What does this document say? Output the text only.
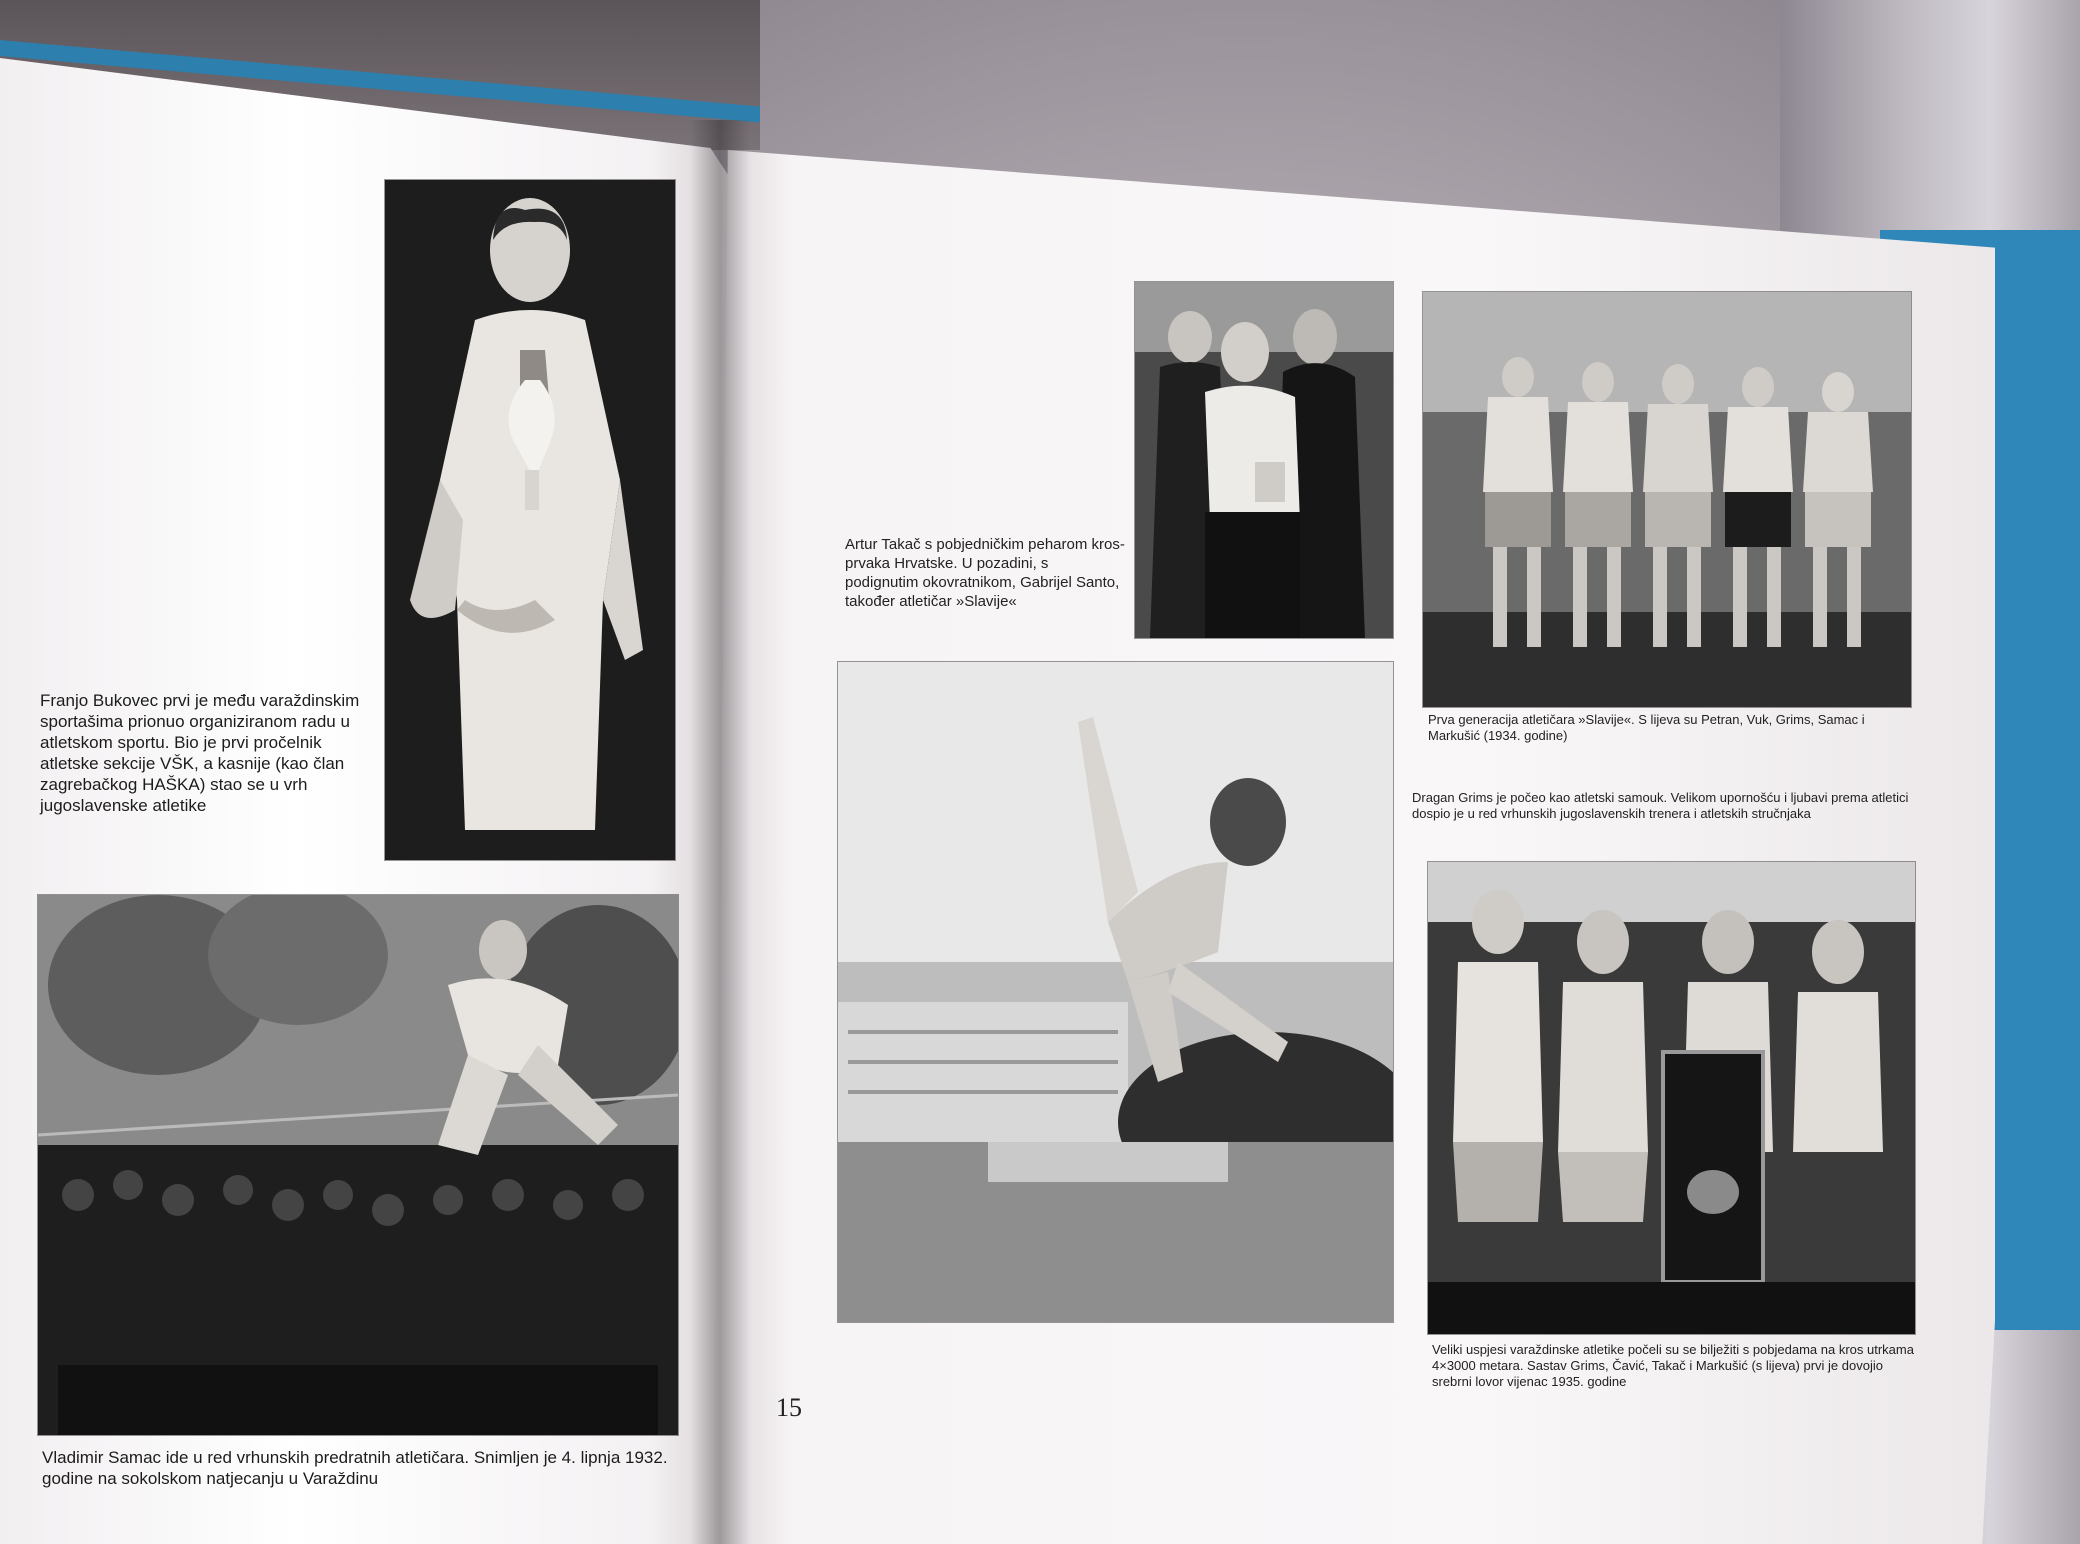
Franjo Bukovec prvi je među varaždinskim sportašima prionuo organiziranom radu u atletskom sportu. Bio je prvi pročelnik atletske sekcije VŠK, a kasnije (kao član zagrebačkog HAŠKA) stao se u vrh jugoslavenske atletike
Vladimir Samac ide u red vrhunskih predratnih atletičara. Snimljen je 4. lipnja 1932. godine na sokolskom natjecanju u Varaždinu
Artur Takač s pobjedničkim peharom kros-prvaka Hrvatske. U pozadini, s podignutim okovratnikom, Gabrijel Santo, također atletičar »Slavije«
Prva generacija atletičara »Slavije«. S lijeva su Petran, Vuk, Grims, Samac i Markušić (1934. godine)
15
Dragan Grims je počeo kao atletski samouk. Velikom upornošću i ljubavi prema atletici dospio je u red vrhunskih jugoslavenskih trenera i atletskih stručnjaka
Veliki uspjesi varaždinske atletike počeli su se bilježiti s pobjedama na kros utrkama 4×3000 metara. Sastav Grims, Čavić, Takač i Markušić (s lijeva) prvi je dovojio srebrni lovor vijenac 1935. godine
